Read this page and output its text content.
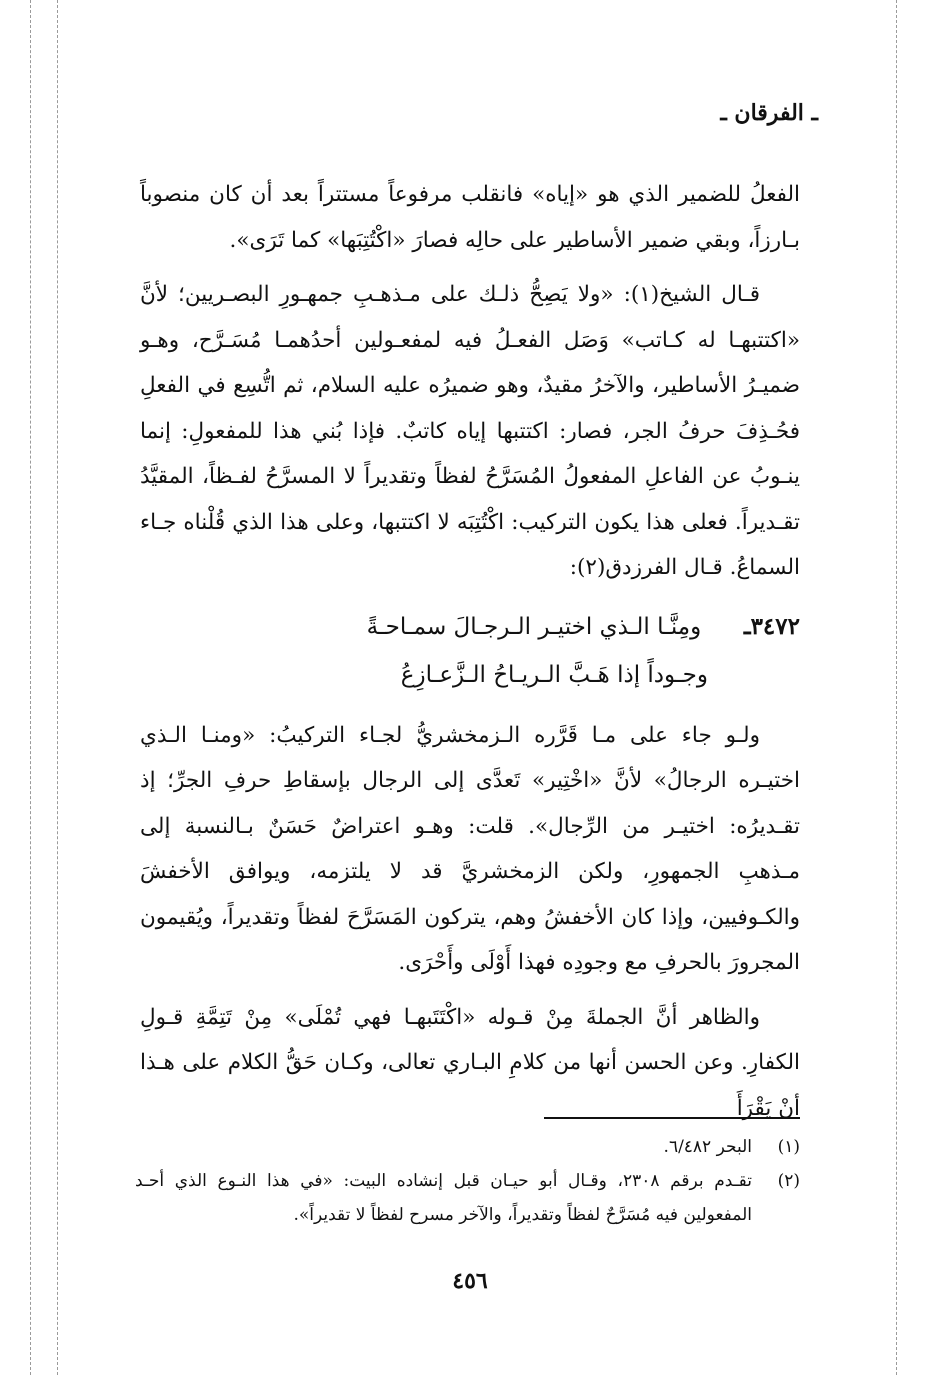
ـ الفرقان ـ

الفعلُ للضمير الذي هو «إياه» فانقلب مرفوعاً مستتراً بعد أن كان منصوباً بـارزاً، وبقي ضمير الأساطير على حالِه فصارَ «اكْتُتِبَها» كما تَرَى».

قـال الشيخ(١): «ولا يَصِحُّ ذلـك على مـذهـبِ جمهـورِ البصـريين؛ لأنَّ «اكتتبهـا له كـاتب» وَصَل الفعـلُ فيه لمفعـولين أحدُهمـا مُسَـرَّح، وهـو ضميـرُ الأساطير، والآخرُ مقيدٌ، وهو ضميرُه عليه السلام، ثم اتُّسِع في الفعلِ فحُـذِفَ حرفُ الجر، فصار: اكتتبها إياه كاتبٌ. فإذا بُني هذا للمفعولِ: إنما ينـوبُ عن الفاعلِ المفعولُ المُسَرَّحُ لفظاً وتقديراً لا المسرَّحُ لفـظاً، المقيَّدُ تقـديراً. فعلى هذا يكون التركيب: اكْتُتِبَه لا اكتتبها، وعلى هذا الذي قُلْناه جـاء السماعُ. قـال الفرزدق(٢):

٣٤٧٢ـ  ومِنَّـا الـذي اختيـر الـرجـالَ سمـاحـةً
وجـوداً إذا هَـبَّ الـريـاحُ الـزَّعـازِعُ

ولـو جاء على مـا قَرَّره الـزمخشريُّ لجـاء التركيبُ: «ومنـا الـذي اختيـره الرجالُ» لأنَّ «اخْتِير» تَعدَّى إلى الرجال بإسقاطِ حرفِ الجرِّ؛ إذ تقـديرُه: اختيـر من الرِّجال». قلت: وهـو اعتراضٌ حَسَنٌ بـالنسبة إلى مـذهبِ الجمهورِ، ولكن الزمخشريَّ قد لا يلتزمه، ويوافق الأخفشَ والكـوفيين، وإذا كان الأخفشُ وهم، يتركون المَسَرَّحَ لفظاً وتقديراً، ويُقيمون المجرورَ بالحرفِ مع وجودِه فهذا أَوْلَى وأَحْرَى.

والظاهر أنَّ الجملةَ مِنْ قـوله «اكْتَتَبهـا فهي تُمْلَى» مِنْ تَتِمَّةِ قـولِ الكفارِ. وعن الحسن أنها من كلامِ البـاري تعالى، وكـان حَقُّ الكلام على هـذا أنْ يَقْرَأَ

(١)
البحر ٦/٤٨٢.
(٢)
تقـدم برقم ٢٣٠٨، وقـال أبو حيـان قبل إنشاده البيت: «في هذا النـوع الذي أحـد المفعولين فيه مُسَرَّحٌ لفظاً وتقديراً، والآخر مسرح لفظاً لا تقديراً».
٤٥٦
